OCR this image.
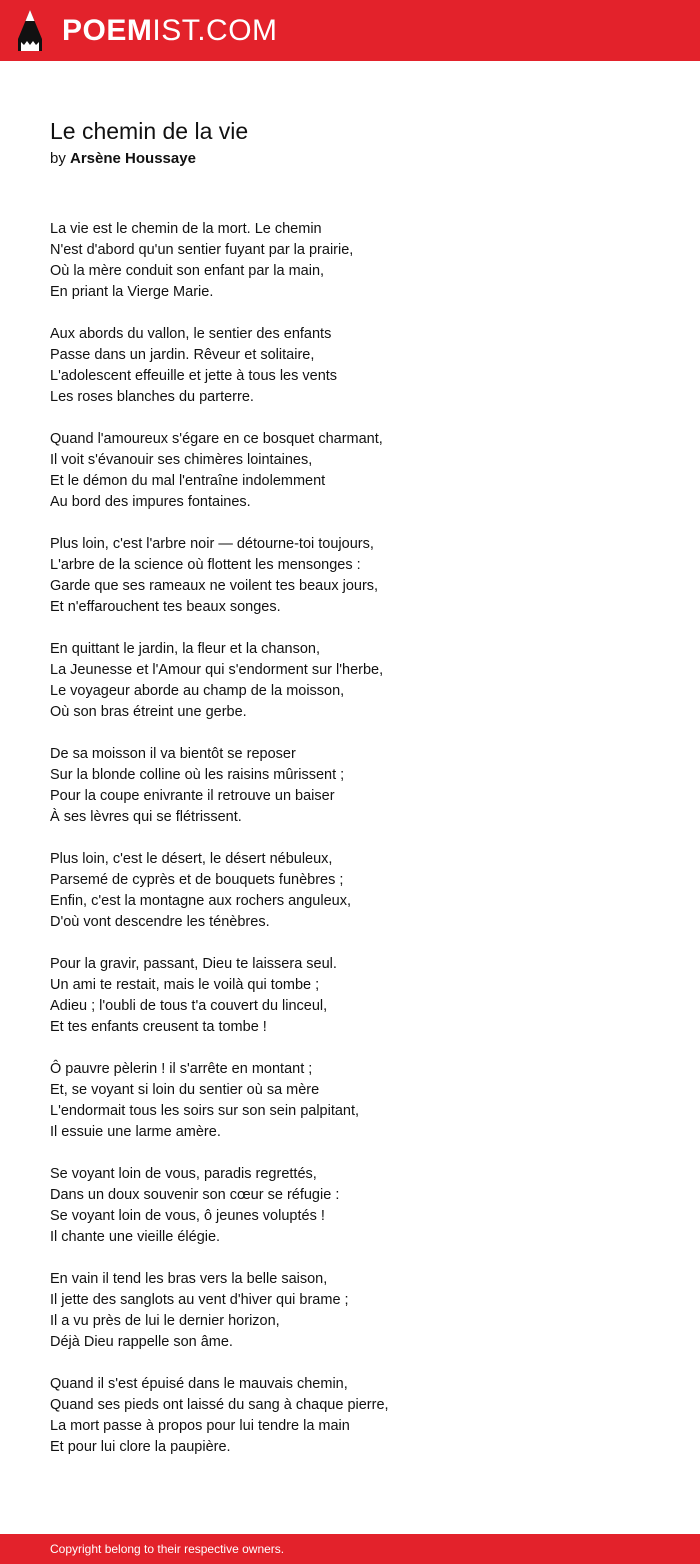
POEMIST.COM
Le chemin de la vie
by Arsène Houssaye
La vie est le chemin de la mort. Le chemin
N'est d'abord qu'un sentier fuyant par la prairie,
Où la mère conduit son enfant par la main,
En priant la Vierge Marie.
Aux abords du vallon, le sentier des enfants
Passe dans un jardin. Rêveur et solitaire,
L'adolescent effeuille et jette à tous les vents
Les roses blanches du parterre.
Quand l'amoureux s'égare en ce bosquet charmant,
Il voit s'évanouir ses chimères lointaines,
Et le démon du mal l'entraîne indolemment
Au bord des impures fontaines.
Plus loin, c'est l'arbre noir — détourne-toi toujours,
L'arbre de la science où flottent les mensonges :
Garde que ses rameaux ne voilent tes beaux jours,
Et n'effarouchent tes beaux songes.
En quittant le jardin, la fleur et la chanson,
La Jeunesse et l'Amour qui s'endorment sur l'herbe,
Le voyageur aborde au champ de la moisson,
Où son bras étreint une gerbe.
De sa moisson il va bientôt se reposer
Sur la blonde colline où les raisins mûrissent ;
Pour la coupe enivrante il retrouve un baiser
À ses lèvres qui se flétrissent.
Plus loin, c'est le désert, le désert nébuleux,
Parsemé de cyprès et de bouquets funèbres ;
Enfin, c'est la montagne aux rochers anguleux,
D'où vont descendre les ténèbres.
Pour la gravir, passant, Dieu te laissera seul.
Un ami te restait, mais le voilà qui tombe ;
Adieu ; l'oubli de tous t'a couvert du linceul,
Et tes enfants creusent ta tombe !
Ô pauvre pèlerin ! il s'arrête en montant ;
Et, se voyant si loin du sentier où sa mère
L'endormait tous les soirs sur son sein palpitant,
Il essuie une larme amère.
Se voyant loin de vous, paradis regrettés,
Dans un doux souvenir son cœur se réfugie :
Se voyant loin de vous, ô jeunes voluptés !
Il chante une vieille élégie.
En vain il tend les bras vers la belle saison,
Il jette des sanglots au vent d'hiver qui brame ;
Il a vu près de lui le dernier horizon,
Déjà Dieu rappelle son âme.
Quand il s'est épuisé dans le mauvais chemin,
Quand ses pieds ont laissé du sang à chaque pierre,
La mort passe à propos pour lui tendre la main
Et pour lui clore la paupière.
Copyright belong to their respective owners.
